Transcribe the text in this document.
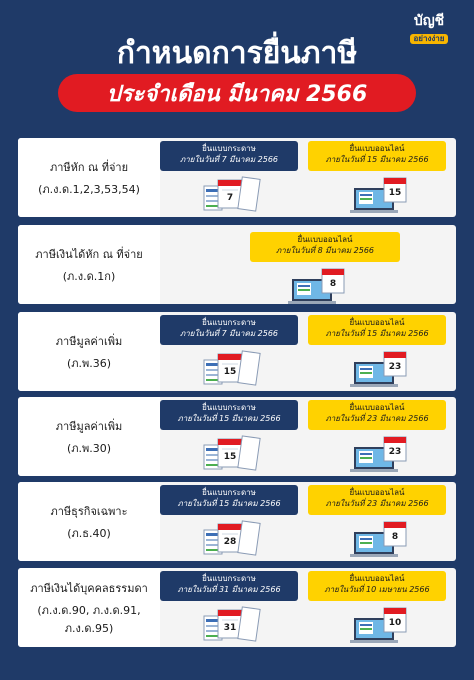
บัญชี
อย่างง่าย
กำหนดการยื่นภาษี
ประจำเดือน มีนาคม 2566
ภาษีหัก ณ ที่จ่าย
(ภ.ง.ด.1,2,3,53,54)
ยื่นแบบกระดาษ
ภายในวันที่ 7 มีนาคม 2566
7
ยื่นแบบออนไลน์
ภายในวันที่ 15 มีนาคม 2566
15
ภาษีเงินได้หัก ณ ที่จ่าย
(ภ.ง.ด.1ก)
ยื่นแบบออนไลน์
ภายในวันที่ 8 มีนาคม 2566
8
ภาษีมูลค่าเพิ่ม
(ภ.พ.36)
ยื่นแบบกระดาษ
ภายในวันที่ 7 มีนาคม 2566
15
ยื่นแบบออนไลน์
ภายในวันที่ 15 มีนาคม 2566
23
ภาษีมูลค่าเพิ่ม
(ภ.พ.30)
ยื่นแบบกระดาษ
ภายในวันที่ 15 มีนาคม 2566
15
ยื่นแบบออนไลน์
ภายในวันที่ 23 มีนาคม 2566
23
ภาษีธุรกิจเฉพาะ
(ภ.ธ.40)
ยื่นแบบกระดาษ
ภายในวันที่ 15 มีนาคม 2566
28
ยื่นแบบออนไลน์
ภายในวันที่ 23 มีนาคม 2566
8
ภาษีเงินได้บุคคลธรรมดา
(ภ.ง.ด.90, ภ.ง.ด.91, ภ.ง.ด.95)
ยื่นแบบกระดาษ
ภายในวันที่ 31 มีนาคม 2566
31
ยื่นแบบออนไลน์
ภายในวันที่ 10 เมษายน 2566
10
